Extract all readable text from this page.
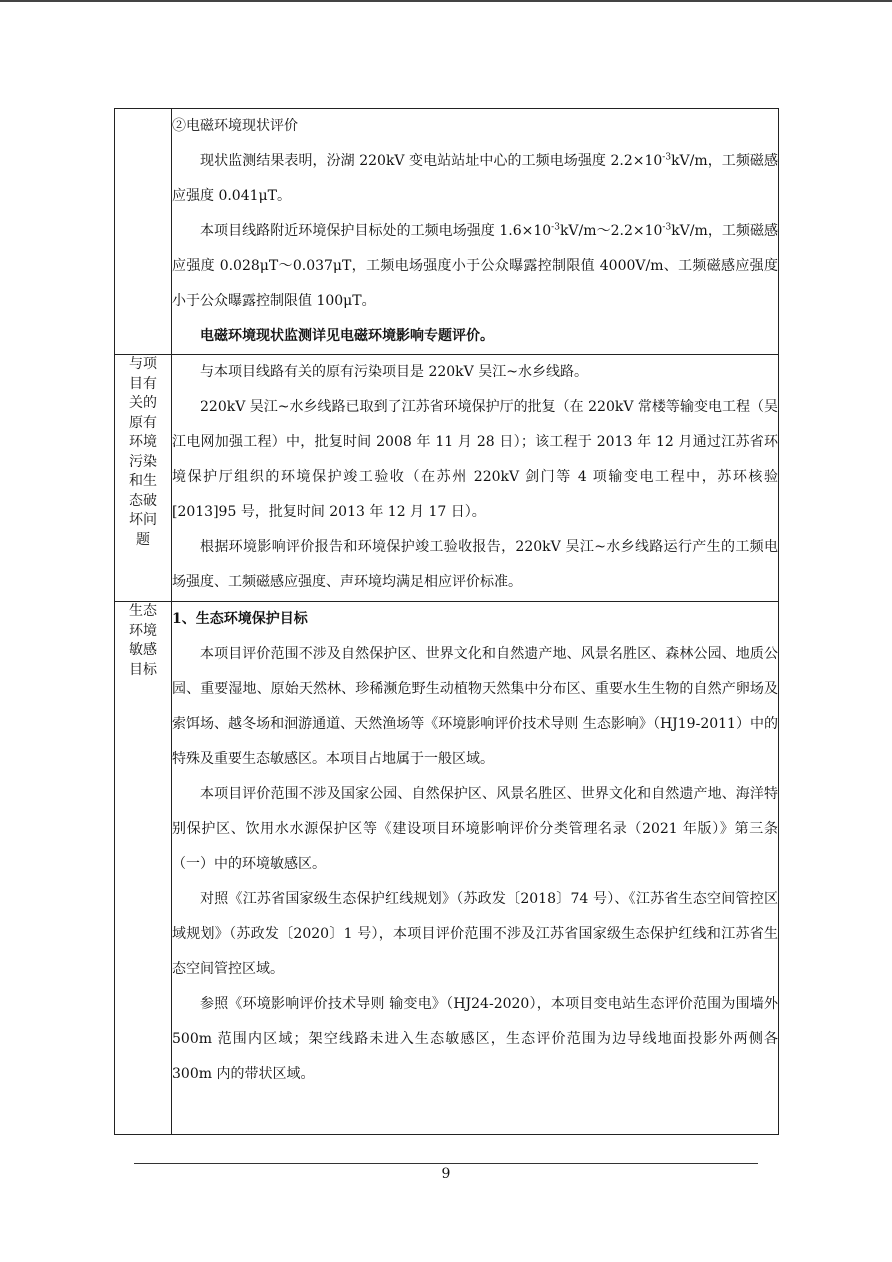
	②电磁环境现状评价

现状监测结果表明，汾湖 220kV 变电站站址中心的工频电场强度 $2.2\times 10^{-3}kV/m$，工频磁感应强度 0.041μT。

本项目线路附近环境保护目标处的工频电场强度 $1.6\times 10^{-3}kV/m\sim 2.2\times 10^{-3}kV/m$，工频磁感应强度 0.028μT～0.037μT，工频电场强度小于公众曝露控制限值 4000V/m、工频磁感应强度小于公众曝露控制限值 100μT。

电磁环境现状监测详见电磁环境影响专题评价。

与项目有关的原有环境污染和生态破坏问题	与本项目线路有关的原有污染项目是 220kV 吴江~水乡线路。

220kV 吴江~水乡线路已取到了江苏省环境保护厅的批复（在 220kV 常楼等输变电工程（吴江电网加强工程）中，批复时间 2008 年 11 月 28 日）；该工程于 2013 年 12 月通过江苏省环境保护厅组织的环境保护竣工验收（在苏州 220kV 剑门等 4 项输变电工程中，苏环核验[2013]95 号，批复时间 2013 年 12 月 17 日）。

根据环境影响评价报告和环境保护竣工验收报告，220kV 吴江~水乡线路运行产生的工频电场强度、工频磁感应强度、声环境均满足相应评价标准。

生态环境敏感目标	1、生态环境保护目标

本项目评价范围不涉及自然保护区、世界文化和自然遗产地、风景名胜区、森林公园、地质公园、重要湿地、原始天然林、珍稀濒危野生动植物天然集中分布区、重要水生生物的自然产卵场及索饵场、越冬场和洄游通道、天然渔场等《环境影响评价技术导则 生态影响》（HJ19-2011）中的特殊及重要生态敏感区。本项目占地属于一般区域。

本项目评价范围不涉及国家公园、自然保护区、风景名胜区、世界文化和自然遗产地、海洋特别保护区、饮用水水源保护区等《建设项目环境影响评价分类管理名录（2021 年版）》第三条（一）中的环境敏感区。

对照《江苏省国家级生态保护红线规划》（苏政发〔2018〕74 号）、《江苏省生态空间管控区域规划》（苏政发〔2020〕1 号），本项目评价范围不涉及江苏省国家级生态保护红线和江苏省生态空间管控区域。

参照《环境影响评价技术导则 输变电》（HJ24-2020），本项目变电站生态评价范围为围墙外 500m 范围内区域；架空线路未进入生态敏感区，生态评价范围为边导线地面投影外两侧各 300m 内的带状区域。

9
